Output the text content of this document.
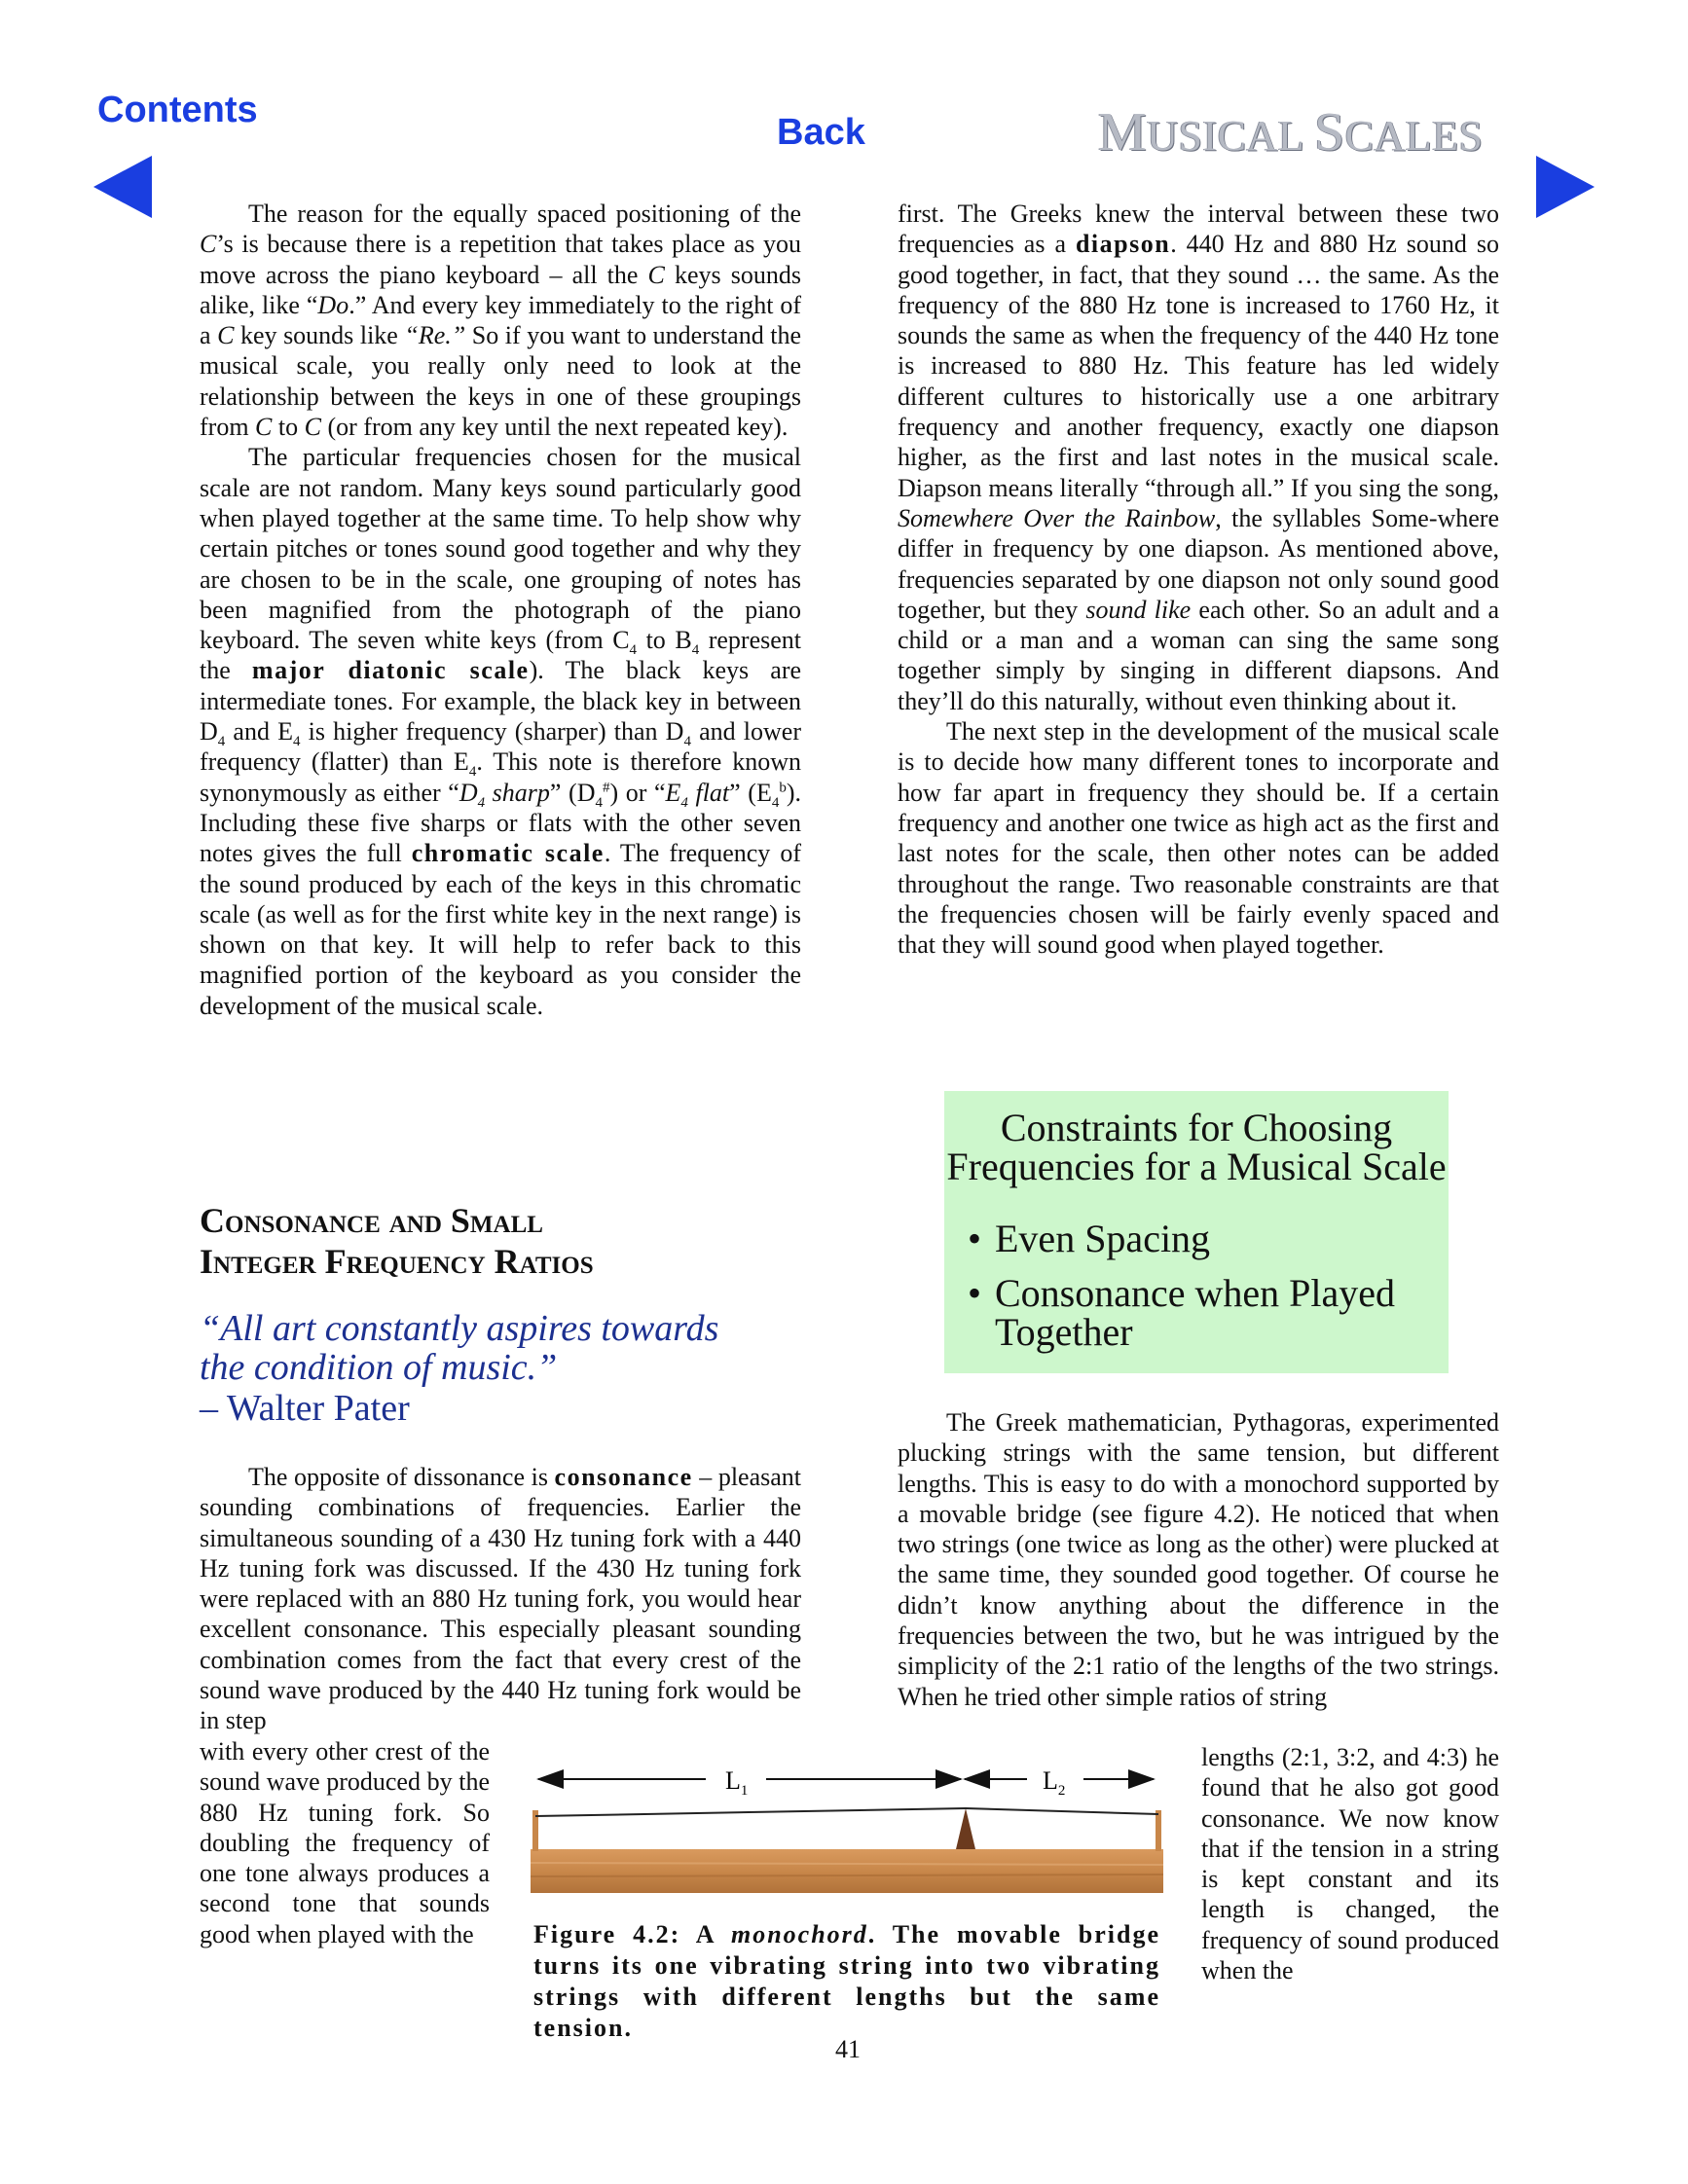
Contents
Back	MUSICAL SCALES

The reason for the equally spaced positioning of the C’s is because there is a repetition that takes place as you move across the piano keyboard – all the C keys sounds alike, like “Do.” And every key immediately to the right of a C key sounds like “Re.” So if you want to understand the musical scale, you really only need to look at the relationship between the keys in one of these groupings from C to C (or from any key until the next repeated key).

The particular frequencies chosen for the musical scale are not random. Many keys sound particularly good when played together at the same time. To help show why certain pitches or tones sound good together and why they are chosen to be in the scale, one grouping of notes has been magnified from the photograph of the piano keyboard. The seven white keys (from $C_4$ to $B_4$ represent the major diatonic scale). The black keys are intermediate tones. For example, the black key in between $D_4$ and $E_4$ is higher frequency (sharper) than $D_4$ and lower frequency (flatter) than $E_4$. This note is therefore known synonymously as either “$D_4$ sharp” $(D_4^{\#})$ or “$E_4$ flat” $(E_4^b)$. Including these five sharps or flats with the other seven notes gives the full chromatic scale. The frequency of the sound produced by each of the keys in this chromatic scale (as well as for the first white key in the next range) is shown on that key. It will help to refer back to this magnified portion of the keyboard as you consider the development of the musical scale.

Consonance and Small
Integer Frequency Ratios
“All art constantly aspires towards
the condition of music.”
– Walter Pater

The opposite of dissonance is consonance – pleasant sounding combinations of frequencies. Earlier the simultaneous sounding of a 430 Hz tuning fork with a 440 Hz tuning fork was discussed. If the 430 Hz tuning fork were replaced with an 880 Hz tuning fork, you would hear excellent consonance. This especially pleasant sounding combination comes from the fact that every crest of the sound wave produced by the 440 Hz tuning fork would be in step

with every other crest of the sound wave produced by the 880 Hz tuning fork. So doubling the frequency of one tone always produces a second tone that sounds good when played with the

first. The Greeks knew the interval between these two frequencies as a diapson. 440 Hz and 880 Hz sound so good together, in fact, that they sound … the same. As the frequency of the 880 Hz tone is increased to 1760 Hz, it sounds the same as when the frequency of the 440 Hz tone is increased to 880 Hz. This feature has led widely different cultures to historically use a one arbitrary frequency and another frequency, exactly one diapson higher, as the first and last notes in the musical scale. Diapson means literally “through all.” If you sing the song, Somewhere Over the Rainbow, the syllables Some-where differ in frequency by one diapson. As mentioned above, frequencies separated by one diapson not only sound good together, but they sound like each other. So an adult and a child or a man and a woman can sing the same song together simply by singing in different diapsons. And they’ll do this naturally, without even thinking about it.

The next step in the development of the musical scale is to decide how many different tones to incorporate and how far apart in frequency they should be. If a certain frequency and another one twice as high act as the first and last notes for the scale, then other notes can be added throughout the range. Two reasonable constraints are that the frequencies chosen will be fairly evenly spaced and that they will sound good when played together.

Constraints for Choosing
Frequencies for a Musical Scale
• Even Spacing
• Consonance when Played
Together

The Greek mathematician, Pythagoras, experimented plucking strings with the same tension, but different lengths. This is easy to do with a monochord supported by a movable bridge (see figure 4.2). He noticed that when two strings (one twice as long as the other) were plucked at the same time, they sounded good together. Of course he didn’t know anything about the difference in the frequencies between the two, but he was intrigued by the simplicity of the 2:1 ratio of the lengths of the two strings. When he tried other simple ratios of string

lengths (2:1, 3:2, and 4:3) he found that he also got good consonance. We now know that if the tension in a string is kept constant and its length is changed, the frequency of sound produced when the
$L_1$	$L_2$
Figure 4.2: A monochord. The movable bridge turns its one vibrating string into two vibrating strings with different lengths but the same tension.
41
